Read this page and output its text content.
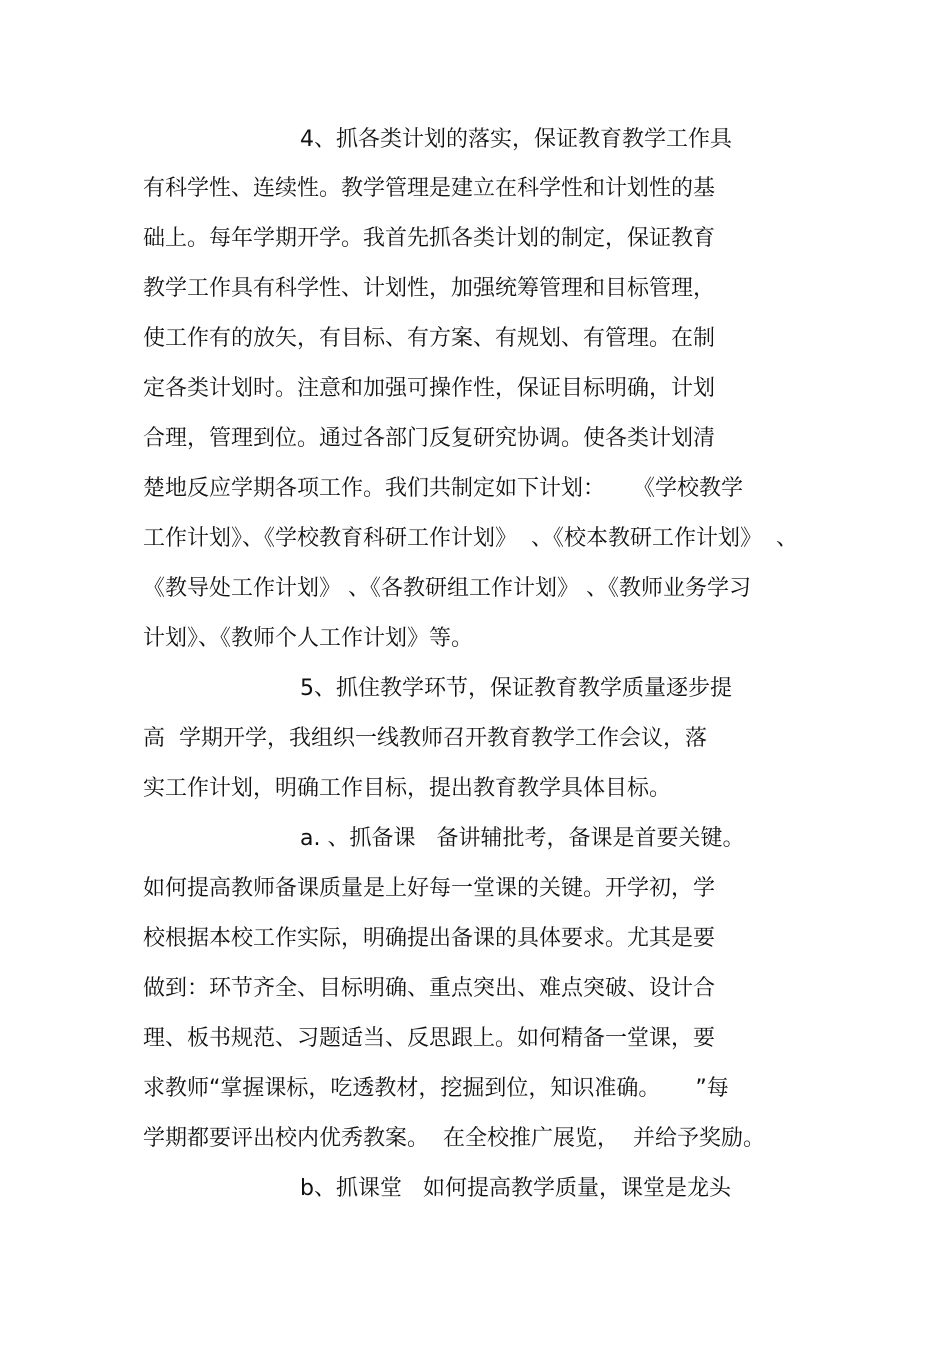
4、抓各类计划的落实，保证教育教学工作具
有科学性、连续性。教学管理是建立在科学性和计划性的基
础上。每年学期开学。我首先抓各类计划的制定，保证教育
教学工作具有科学性、计划性，加强统筹管理和目标管理，
使工作有的放矢，有目标、有方案、有规划、有管理。在制
定各类计划时。注意和加强可操作性，保证目标明确，计划
合理，管理到位。通过各部门反复研究协调。使各类计划清
楚地反应学期各项工作。我们共制定如下计划：    《学校教学
工作计划》、《学校教育科研工作计划》  、《校本教研工作计划》  、
《教导处工作计划》 、《各教研组工作计划》 、《教师业务学习
计划》、《教师个人工作计划》等。
5、抓住教学环节，保证教育教学质量逐步提
高  学期开学，我组织一线教师召开教育教学工作会议，落
实工作计划，明确工作目标，提出教育教学具体目标。
a. 、抓备课   备讲辅批考，备课是首要关键。
如何提高教师备课质量是上好每一堂课的关键。开学初，学
校根据本校工作实际，明确提出备课的具体要求。尤其是要
做到：环节齐全、目标明确、重点突出、难点突破、设计合
理、板书规范、习题适当、反思跟上。如何精备一堂课，要
求教师“掌握课标，吃透教材，挖掘到位，知识准确。     ”每
学期都要评出校内优秀教案。  在全校推广展览，  并给予奖励。
b、抓课堂   如何提高教学质量，课堂是龙头
